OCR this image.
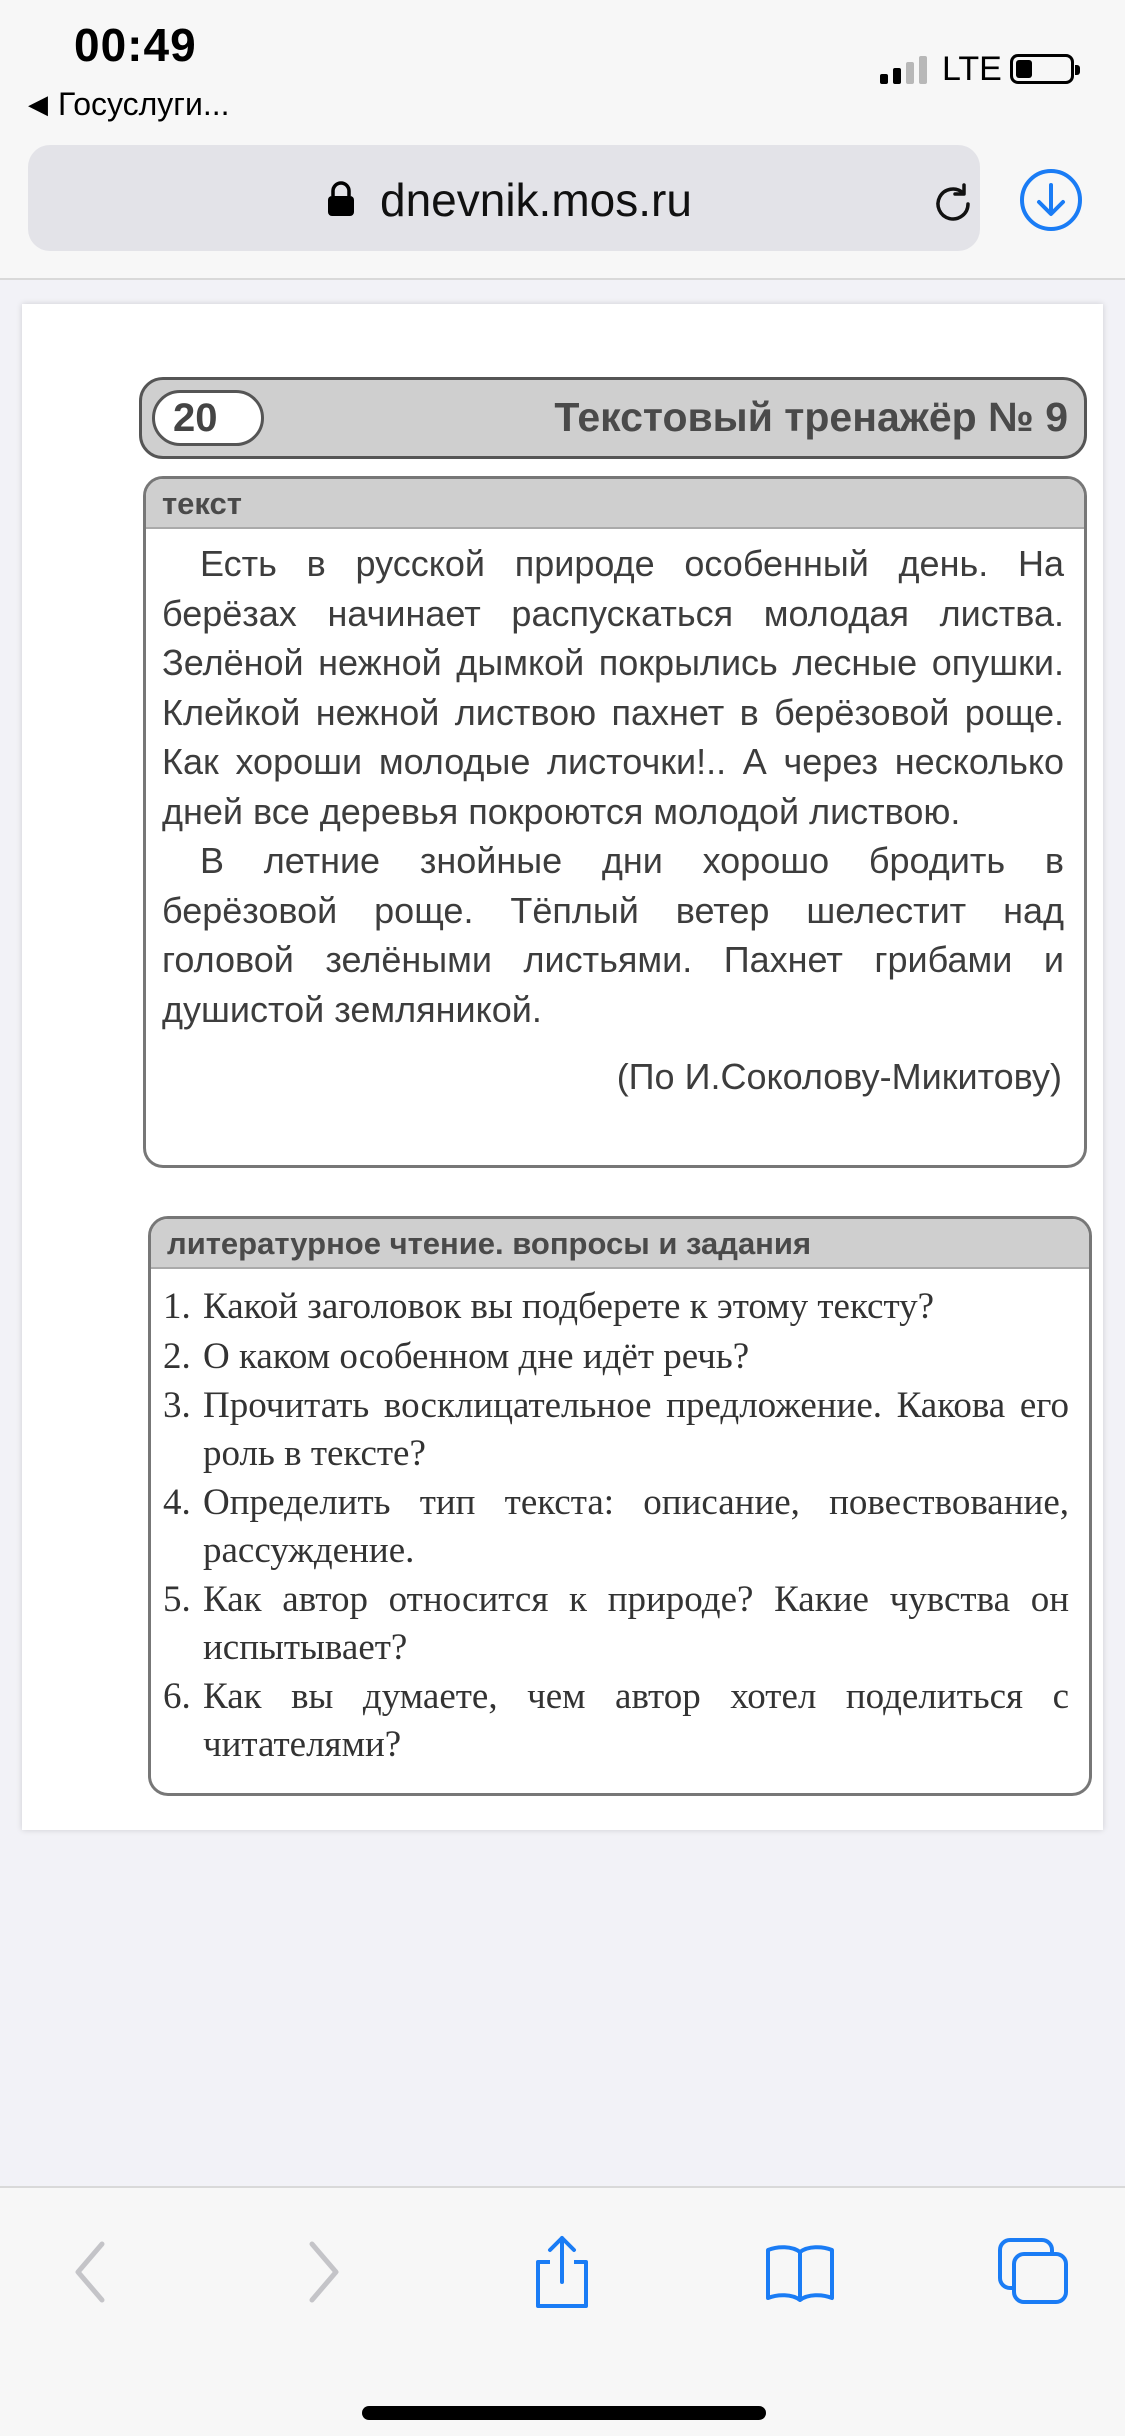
00:49
◀ Госуслуги...
LTE
dnevnik.mos.ru
20	Текстовый тренажёр № 9
текст

Есть в русской природе особенный день. На берёзах начинает распускаться молодая листва. Зелёной нежной дымкой покрылись лесные опушки. Клейкой нежной листвою пахнет в берёзовой роще. Как хороши молодые листочки!.. А через несколько дней все деревья покроются молодой листвою.

В летние знойные дни хорошо бродить в берёзовой роще. Тёплый ветер шелестит над головой зелёными листьями. Пахнет грибами и душистой земляникой.

(По И.Соколову-Микитову)
литературное чтение. вопросы и задания
1. Какой заголовок вы подберете к этому тексту?
2. О каком особенном дне идёт речь?
3. Прочитать восклицательное предложение. Какова его роль в тексте?
4. Определить тип текста: описание, повествование, рассуждение.
5. Как автор относится к природе? Какие чувства он испытывает?
6. Как вы думаете, чем автор хотел поделиться с читателями?
